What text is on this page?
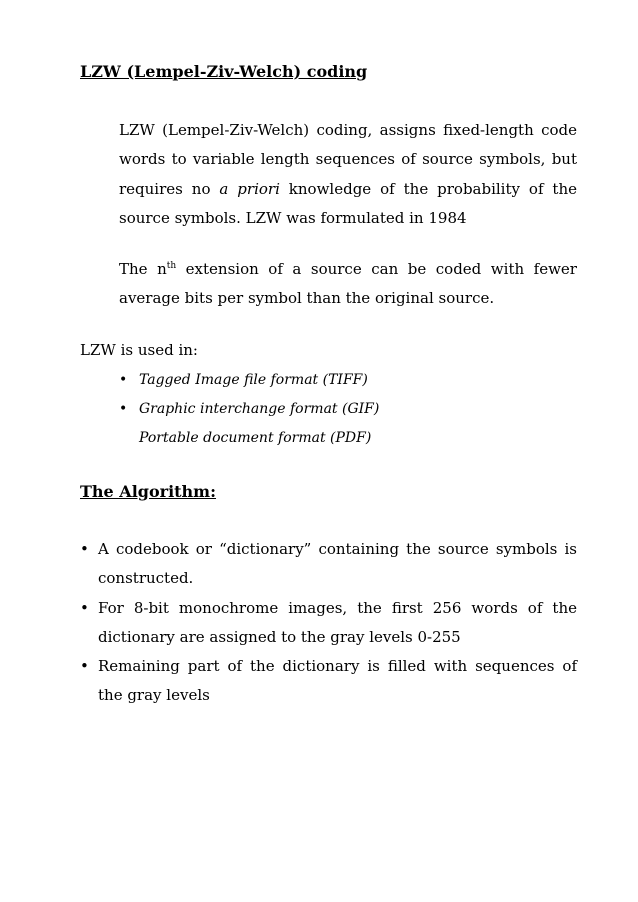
LZW (Lempel-Ziv-Welch) coding

LZW (Lempel-Ziv-Welch) coding, assigns fixed-length code words to variable length sequences of source symbols, but requires no a priori knowledge of the probability of the source symbols. LZW was formulated in 1984

The $n^{th}$ extension of a source can be coded with fewer average bits per symbol than the original source.

LZW is used in:

• Tagged Image file format (TIFF)
• Graphic interchange format (GIF)
Portable document format (PDF)

The Algorithm:

• A codebook or “dictionary” containing the source symbols is constructed.
• For 8-bit monochrome images, the first 256 words of the dictionary are assigned to the gray levels 0-255
• Remaining part of the dictionary is filled with sequences of the gray levels
